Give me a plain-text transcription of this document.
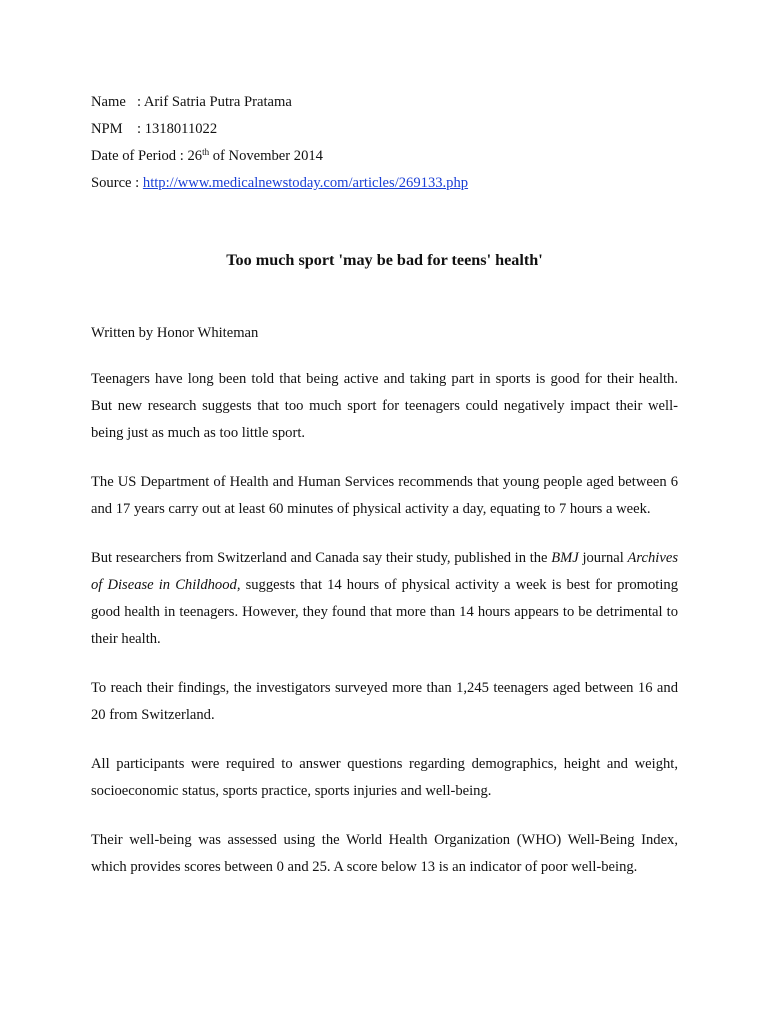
Name : Arif Satria Putra Pratama
NPM : 1318011022
Date of Period : 26th of November 2014
Source : http://www.medicalnewstoday.com/articles/269133.php
Too much sport 'may be bad for teens' health'
Written by Honor Whiteman
Teenagers have long been told that being active and taking part in sports is good for their health. But new research suggests that too much sport for teenagers could negatively impact their well-being just as much as too little sport.
The US Department of Health and Human Services recommends that young people aged between 6 and 17 years carry out at least 60 minutes of physical activity a day, equating to 7 hours a week.
But researchers from Switzerland and Canada say their study, published in the BMJ journal Archives of Disease in Childhood, suggests that 14 hours of physical activity a week is best for promoting good health in teenagers. However, they found that more than 14 hours appears to be detrimental to their health.
To reach their findings, the investigators surveyed more than 1,245 teenagers aged between 16 and 20 from Switzerland.
All participants were required to answer questions regarding demographics, height and weight, socioeconomic status, sports practice, sports injuries and well-being.
Their well-being was assessed using the World Health Organization (WHO) Well-Being Index, which provides scores between 0 and 25. A score below 13 is an indicator of poor well-being.
